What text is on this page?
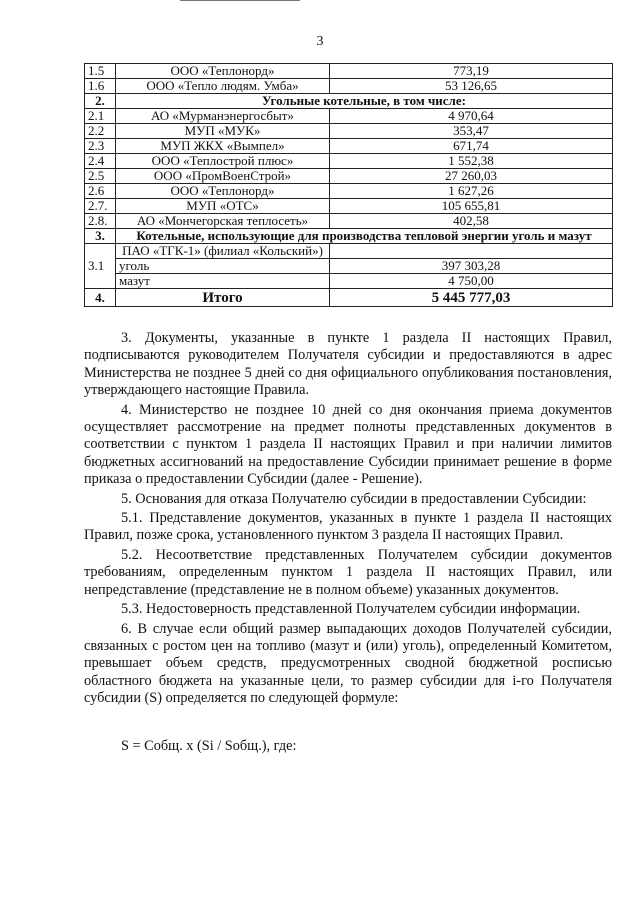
3
1.5	ООО «Теплонорд»	773,19
1.6	ООО «Тепло людям. Умба»	53 126,65
2.	Угольные котельные, в том числе:	
2.1	АО «Мурманэнергосбыт»	4 970,64
2.2	МУП «МУК»	353,47
2.3	МУП ЖКХ «Вымпел»	671,74
2.4	ООО «Теплострой плюс»	1 552,38
2.5	ООО «ПромВоенСтрой»	27 260,03
2.6	ООО «Теплонорд»	1 627,26
2.7.	МУП «ОТС»	105 655,81
2.8.	АО «Мончегорская теплосеть»	402,58
3.	Котельные, использующие для производства тепловой энергии уголь и мазут	
3.1	ПАО «ТГК-1» (филиал «Кольский»)	
	уголь	397 303,28
	мазут	4 750,00
4.	Итого	5 445 777,03

3. Документы, указанные в пункте 1 раздела II настоящих Правил, подписываются руководителем Получателя субсидии и предоставляются в адрес Министерства не позднее 5 дней со дня официального опубликования постановления, утверждающего настоящие Правила.

4. Министерство не позднее 10 дней со дня окончания приема документов осуществляет рассмотрение на предмет полноты представленных документов в соответствии с пунктом 1 раздела II настоящих Правил и при наличии лимитов бюджетных ассигнований на предоставление Субсидии принимает решение в форме приказа о предоставлении Субсидии (далее - Решение).

5. Основания для отказа Получателю субсидии в предоставлении Субсидии:

5.1. Представление документов, указанных в пункте 1 раздела II настоящих Правил, позже срока, установленного пунктом 3 раздела II настоящих Правил.

5.2. Несоответствие представленных Получателем субсидии документов требованиям, определенным пунктом 1 раздела II настоящих Правил, или непредставление (представление не в полном объеме) указанных документов.

5.3. Недостоверность представленной Получателем субсидии информации.

6. В случае если общий размер выпадающих доходов Получателей субсидии, связанных с ростом цен на топливо (мазут и (или) уголь), определенный Комитетом, превышает объем средств, предусмотренных сводной бюджетной росписью областного бюджета на указанные цели, то размер субсидии для i-го Получателя субсидии (S) определяется по следующей формуле:

S = Собщ. х (Si / Sобщ.), где:
